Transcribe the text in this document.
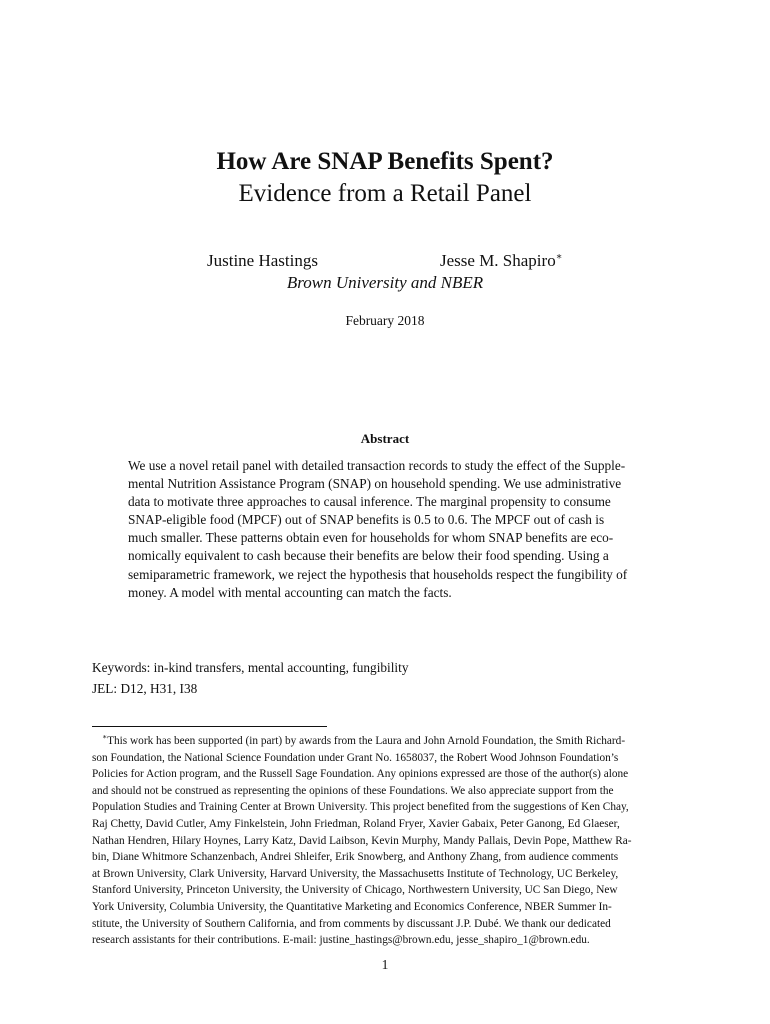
How Are SNAP Benefits Spent?
Evidence from a Retail Panel
Justine Hastings	Jesse M. Shapiro∗
Brown University and NBER
February 2018
Abstract
We use a novel retail panel with detailed transaction records to study the effect of the Supple-
mental Nutrition Assistance Program (SNAP) on household spending. We use administrative
data to motivate three approaches to causal inference. The marginal propensity to consume
SNAP-eligible food (MPCF) out of SNAP benefits is 0.5 to 0.6. The MPCF out of cash is
much smaller. These patterns obtain even for households for whom SNAP benefits are eco-
nomically equivalent to cash because their benefits are below their food spending. Using a
semiparametric framework, we reject the hypothesis that households respect the fungibility of
money. A model with mental accounting can match the facts.
Keywords: in-kind transfers, mental accounting, fungibility
JEL: D12, H31, I38
∗This work has been supported (in part) by awards from the Laura and John Arnold Foundation, the Smith Richard-
son Foundation, the National Science Foundation under Grant No. 1658037, the Robert Wood Johnson Foundation’s
Policies for Action program, and the Russell Sage Foundation. Any opinions expressed are those of the author(s) alone
and should not be construed as representing the opinions of these Foundations. We also appreciate support from the
Population Studies and Training Center at Brown University. This project benefited from the suggestions of Ken Chay,
Raj Chetty, David Cutler, Amy Finkelstein, John Friedman, Roland Fryer, Xavier Gabaix, Peter Ganong, Ed Glaeser,
Nathan Hendren, Hilary Hoynes, Larry Katz, David Laibson, Kevin Murphy, Mandy Pallais, Devin Pope, Matthew Ra-
bin, Diane Whitmore Schanzenbach, Andrei Shleifer, Erik Snowberg, and Anthony Zhang, from audience comments
at Brown University, Clark University, Harvard University, the Massachusetts Institute of Technology, UC Berkeley,
Stanford University, Princeton University, the University of Chicago, Northwestern University, UC San Diego, New
York University, Columbia University, the Quantitative Marketing and Economics Conference, NBER Summer In-
stitute, the University of Southern California, and from comments by discussant J.P. Dubé. We thank our dedicated
research assistants for their contributions. E-mail: justine_hastings@brown.edu, jesse_shapiro_1@brown.edu.
1
